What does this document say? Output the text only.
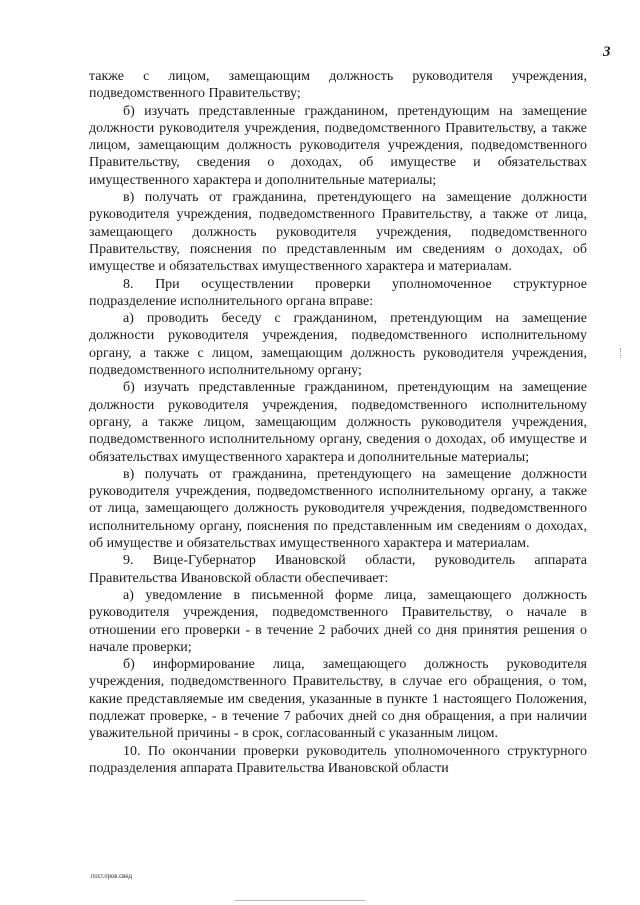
3

также с лицом, замещающим должность руководителя учреждения, подведомственного Правительству;

б) изучать представленные гражданином, претендующим на замещение должности руководителя учреждения, подведомственного Правительству, а также лицом, замещающим должность руководителя учреждения, подведомственного Правительству, сведения о доходах, об имуществе и обязательствах имущественного характера и дополнительные материалы;

в) получать от гражданина, претендующего на замещение должности руководителя учреждения, подведомственного Правительству, а также от лица, замещающего должность руководителя учреждения, подведомственного Правительству, пояснения по представленным им сведениям о доходах, об имуществе и обязательствах имущественного характера и материалам.

8. При осуществлении проверки уполномоченное структурное подразделение исполнительного органа вправе:

а) проводить беседу с гражданином, претендующим на замещение должности руководителя учреждения, подведомственного исполнительному органу, а также с лицом, замещающим должность руководителя учреждения, подведомственного исполнительному органу;

б) изучать представленные гражданином, претендующим на замещение должности руководителя учреждения, подведомственного исполнительному органу, а также лицом, замещающим должность руководителя учреждения, подведомственного исполнительному органу, сведения о доходах, об имуществе и обязательствах имущественного характера и дополнительные материалы;

в) получать от гражданина, претендующего на замещение должности руководителя учреждения, подведомственного исполнительному органу, а также от лица, замещающего должность руководителя учреждения, подведомственного исполнительному органу, пояснения по представленным им сведениям о доходах, об имуществе и обязательствах имущественного характера и материалам.

9. Вице-Губернатор Ивановской области, руководитель аппарата Правительства Ивановской области обеспечивает:

а) уведомление в письменной форме лица, замещающего должность руководителя учреждения, подведомственного Правительству, о начале в отношении его проверки - в течение 2 рабочих дней со дня принятия решения о начале проверки;

б) информирование лица, замещающего должность руководителя учреждения, подведомственного Правительству, в случае его обращения, о том, какие представляемые им сведения, указанные в пункте 1 настоящего Положения, подлежат проверке, - в течение 7 рабочих дней со дня обращения, а при наличии уважительной причины - в срок, согласованный с указанным лицом.

10. По окончании проверки руководитель уполномоченного структурного подразделения аппарата Правительства Ивановской области

пост.пров.свед
